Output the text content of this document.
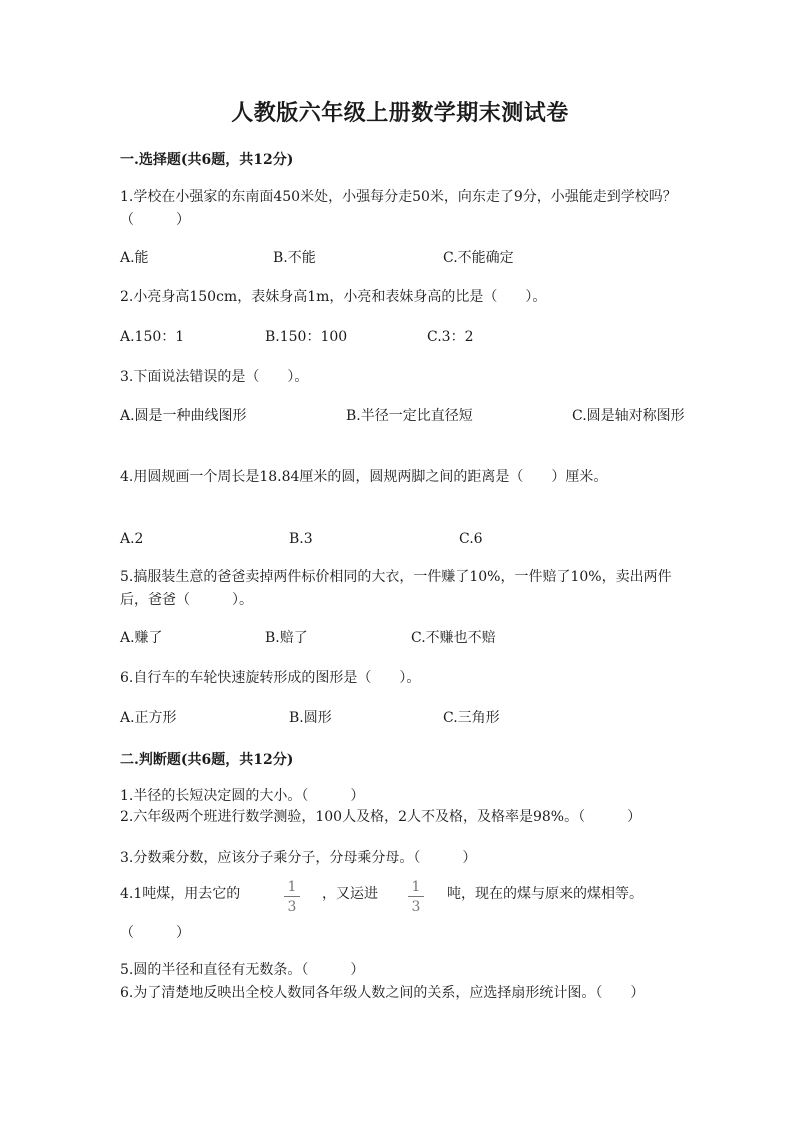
人教版六年级上册数学期末测试卷
一.选择题(共6题，共12分)
1.学校在小强家的东南面450米处，小强每分走50米，向东走了9分，小强能走到学校吗？（　　　）
A.能	B.不能	C.不能确定
2.小亮身高150cm，表妹身高1m，小亮和表妹身高的比是（　　）。
A.150：1	B.150：100	C.3：2
3.下面说法错误的是（　　）。
A.圆是一种曲线图形	B.半径一定比直径短	C.圆是轴对称图形
4.用圆规画一个周长是18.84厘米的圆，圆规两脚之间的距离是（　　）厘米。
A.2	B.3	C.6
5.搞服装生意的爸爸卖掉两件标价相同的大衣，一件赚了10%，一件赔了10%，卖出两件后，爸爸（　　　）。
A.赚了	B.赔了	C.不赚也不赔
6.自行车的车轮快速旋转形成的图形是（　　）。
A.正方形	B.圆形	C.三角形
二.判断题(共6题，共12分)
1.半径的长短决定圆的大小。（　　　）
2.六年级两个班进行数学测验，100人及格，2人不及格，及格率是98%。（　　　）
3.分数乘分数，应该分子乘分子，分母乘分母。（　　　）
4.1吨煤，用去它的	1
3
，又运进 1
3
吨，现在的煤与原来的煤相等。
（　　　）
5.圆的半径和直径有无数条。（　　　）
6.为了清楚地反映出全校人数同各年级人数之间的关系，应选择扇形统计图。（　　）
